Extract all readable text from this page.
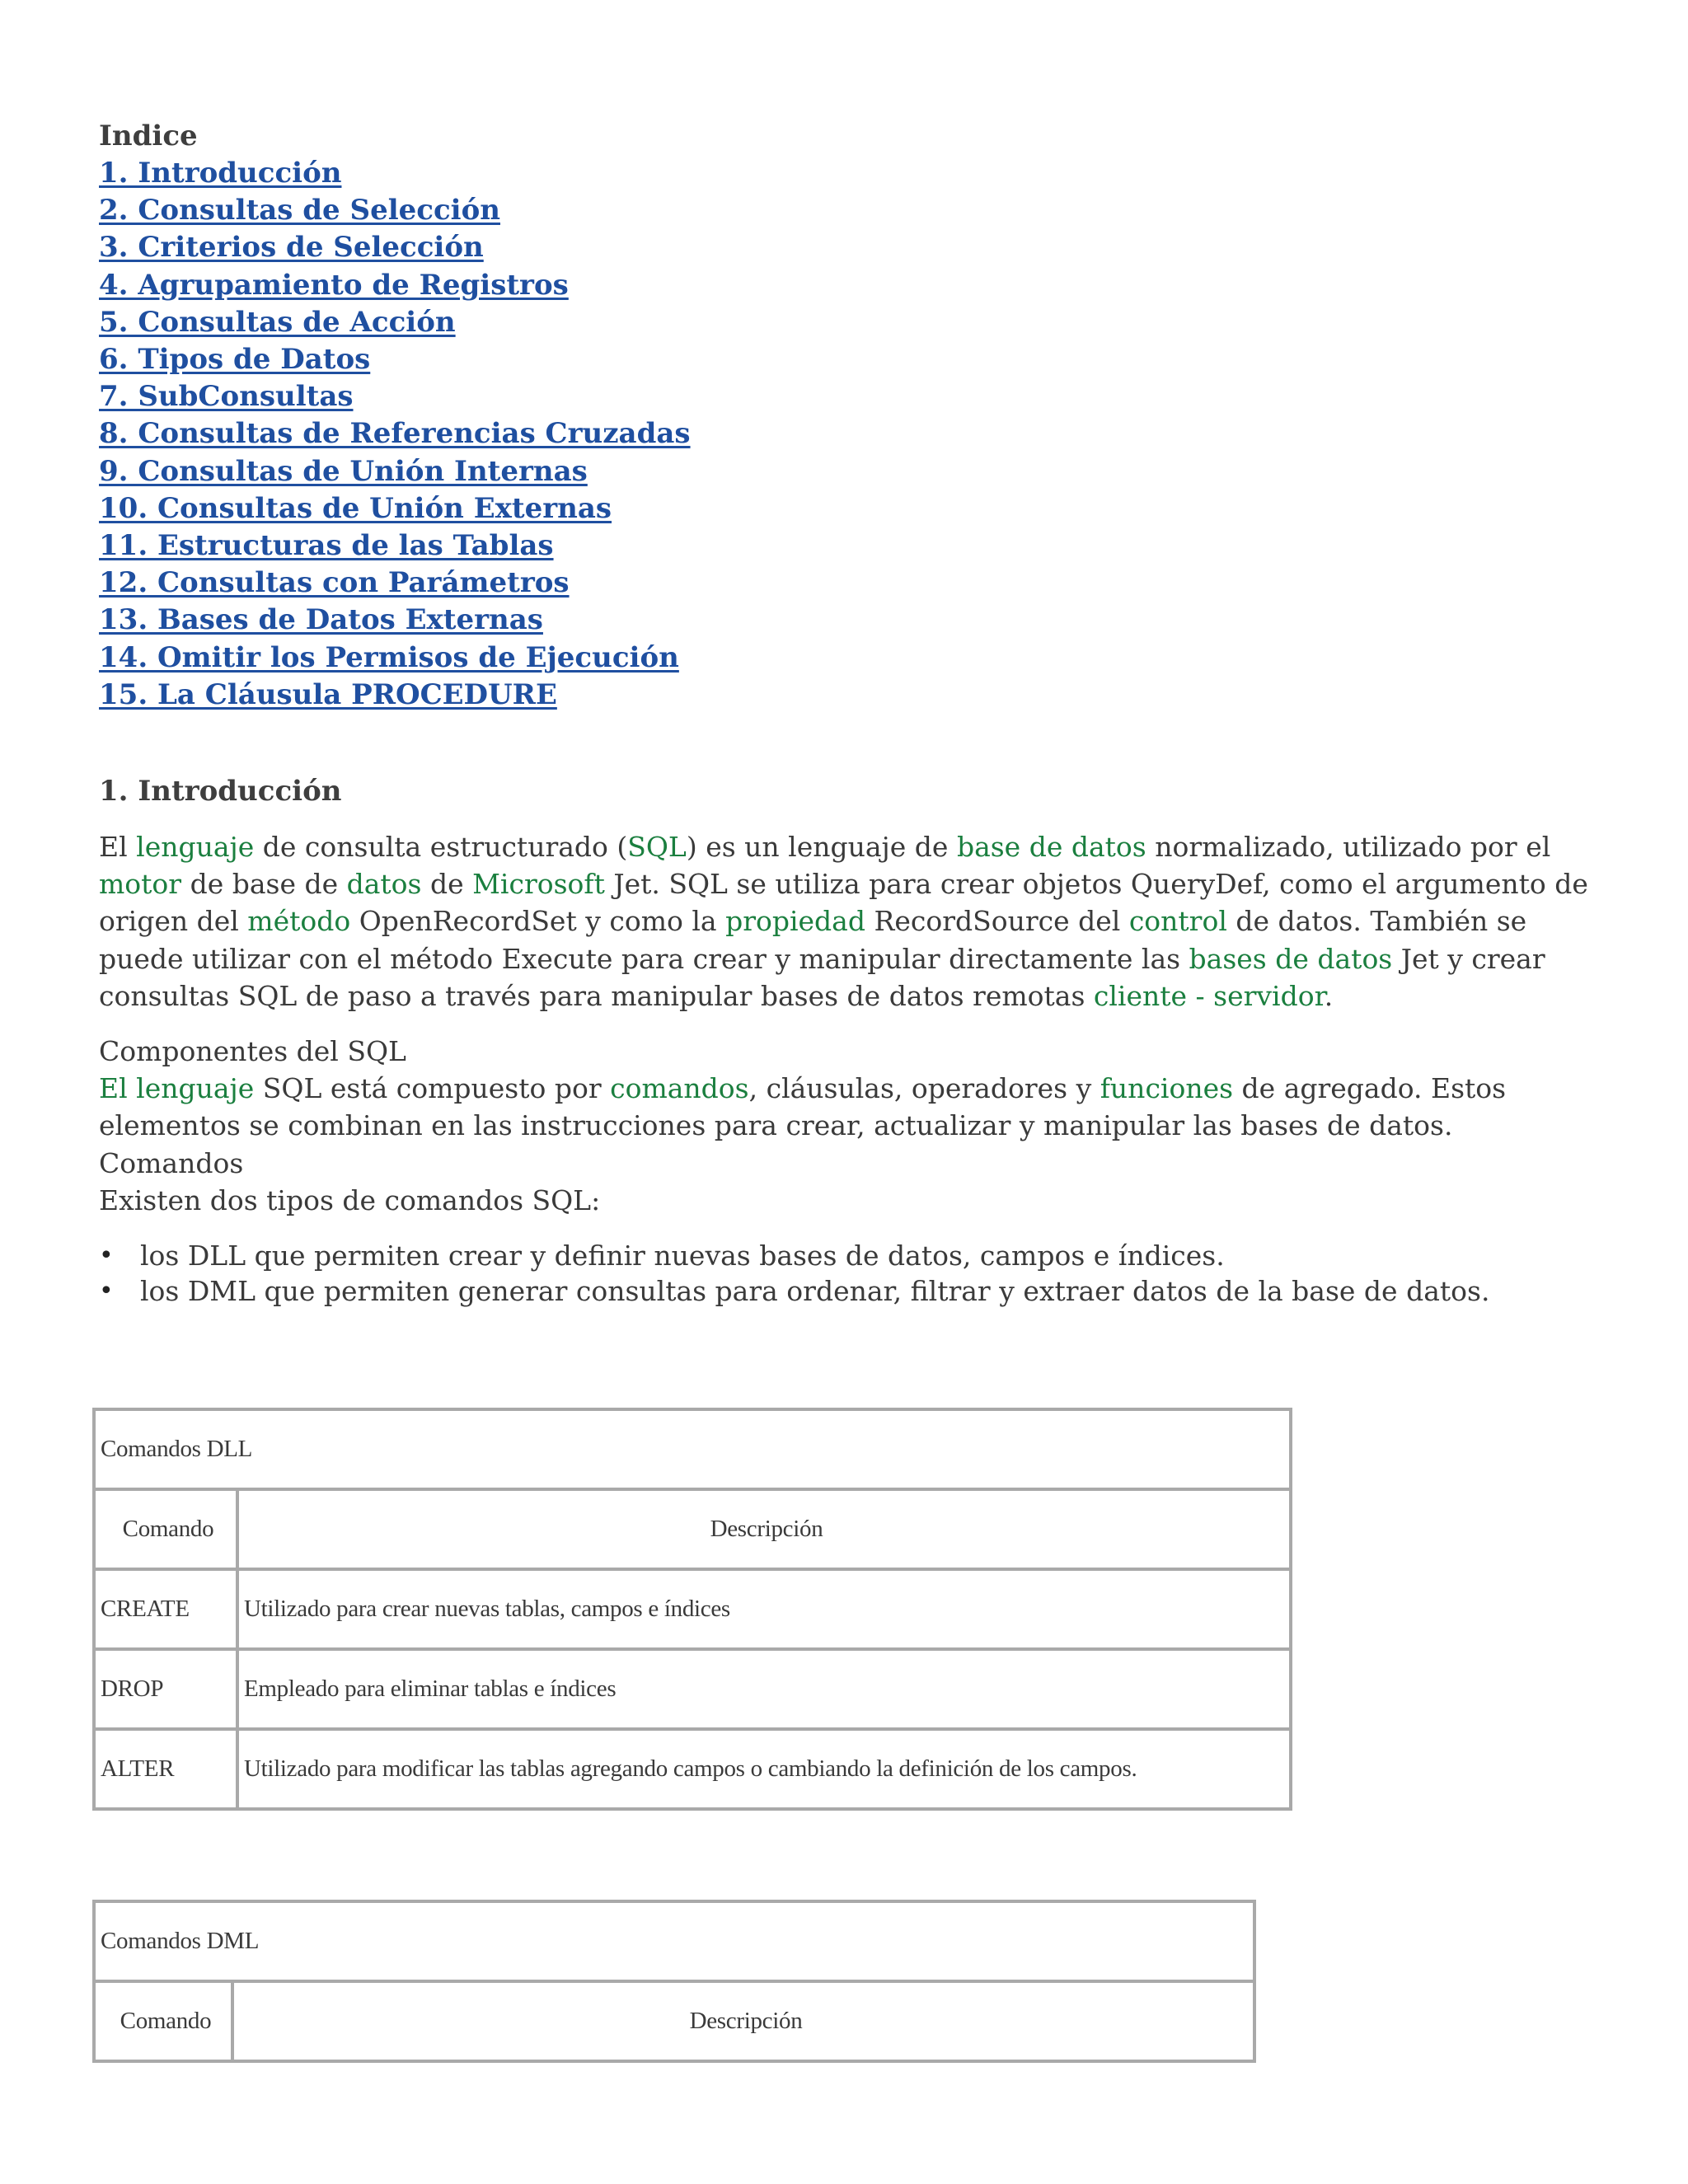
Indice
1. Introducción
2. Consultas de Selección
3. Criterios de Selección
4. Agrupamiento de Registros
5. Consultas de Acción
6. Tipos de Datos
7. SubConsultas
8. Consultas de Referencias Cruzadas
9. Consultas de Unión Internas
10. Consultas de Unión Externas
11. Estructuras de las Tablas
12. Consultas con Parámetros
13. Bases de Datos Externas
14. Omitir los Permisos de Ejecución
15. La Cláusula PROCEDURE
1. Introducción
El lenguaje de consulta estructurado (SQL) es un lenguaje de base de datos normalizado, utilizado por el motor de base de datos de Microsoft Jet. SQL se utiliza para crear objetos QueryDef, como el argumento de origen del método OpenRecordSet y como la propiedad RecordSource del control de datos. También se puede utilizar con el método Execute para crear y manipular directamente las bases de datos Jet y crear consultas SQL de paso a través para manipular bases de datos remotas cliente - servidor.
Componentes del SQL
El lenguaje SQL está compuesto por comandos, cláusulas, operadores y funciones de agregado. Estos elementos se combinan en las instrucciones para crear, actualizar y manipular las bases de datos.
Comandos
Existen dos tipos de comandos SQL:
• los DLL que permiten crear y definir nuevas bases de datos, campos e índices.
• los DML que permiten generar consultas para ordenar, filtrar y extraer datos de la base de datos.
Comandos DLL	
Comando	Descripción
CREATE	Utilizado para crear nuevas tablas, campos e índices
DROP	Empleado para eliminar tablas e índices
ALTER	Utilizado para modificar las tablas agregando campos o cambiando la definición de los campos.
Comandos DML
Comando	Descripción
